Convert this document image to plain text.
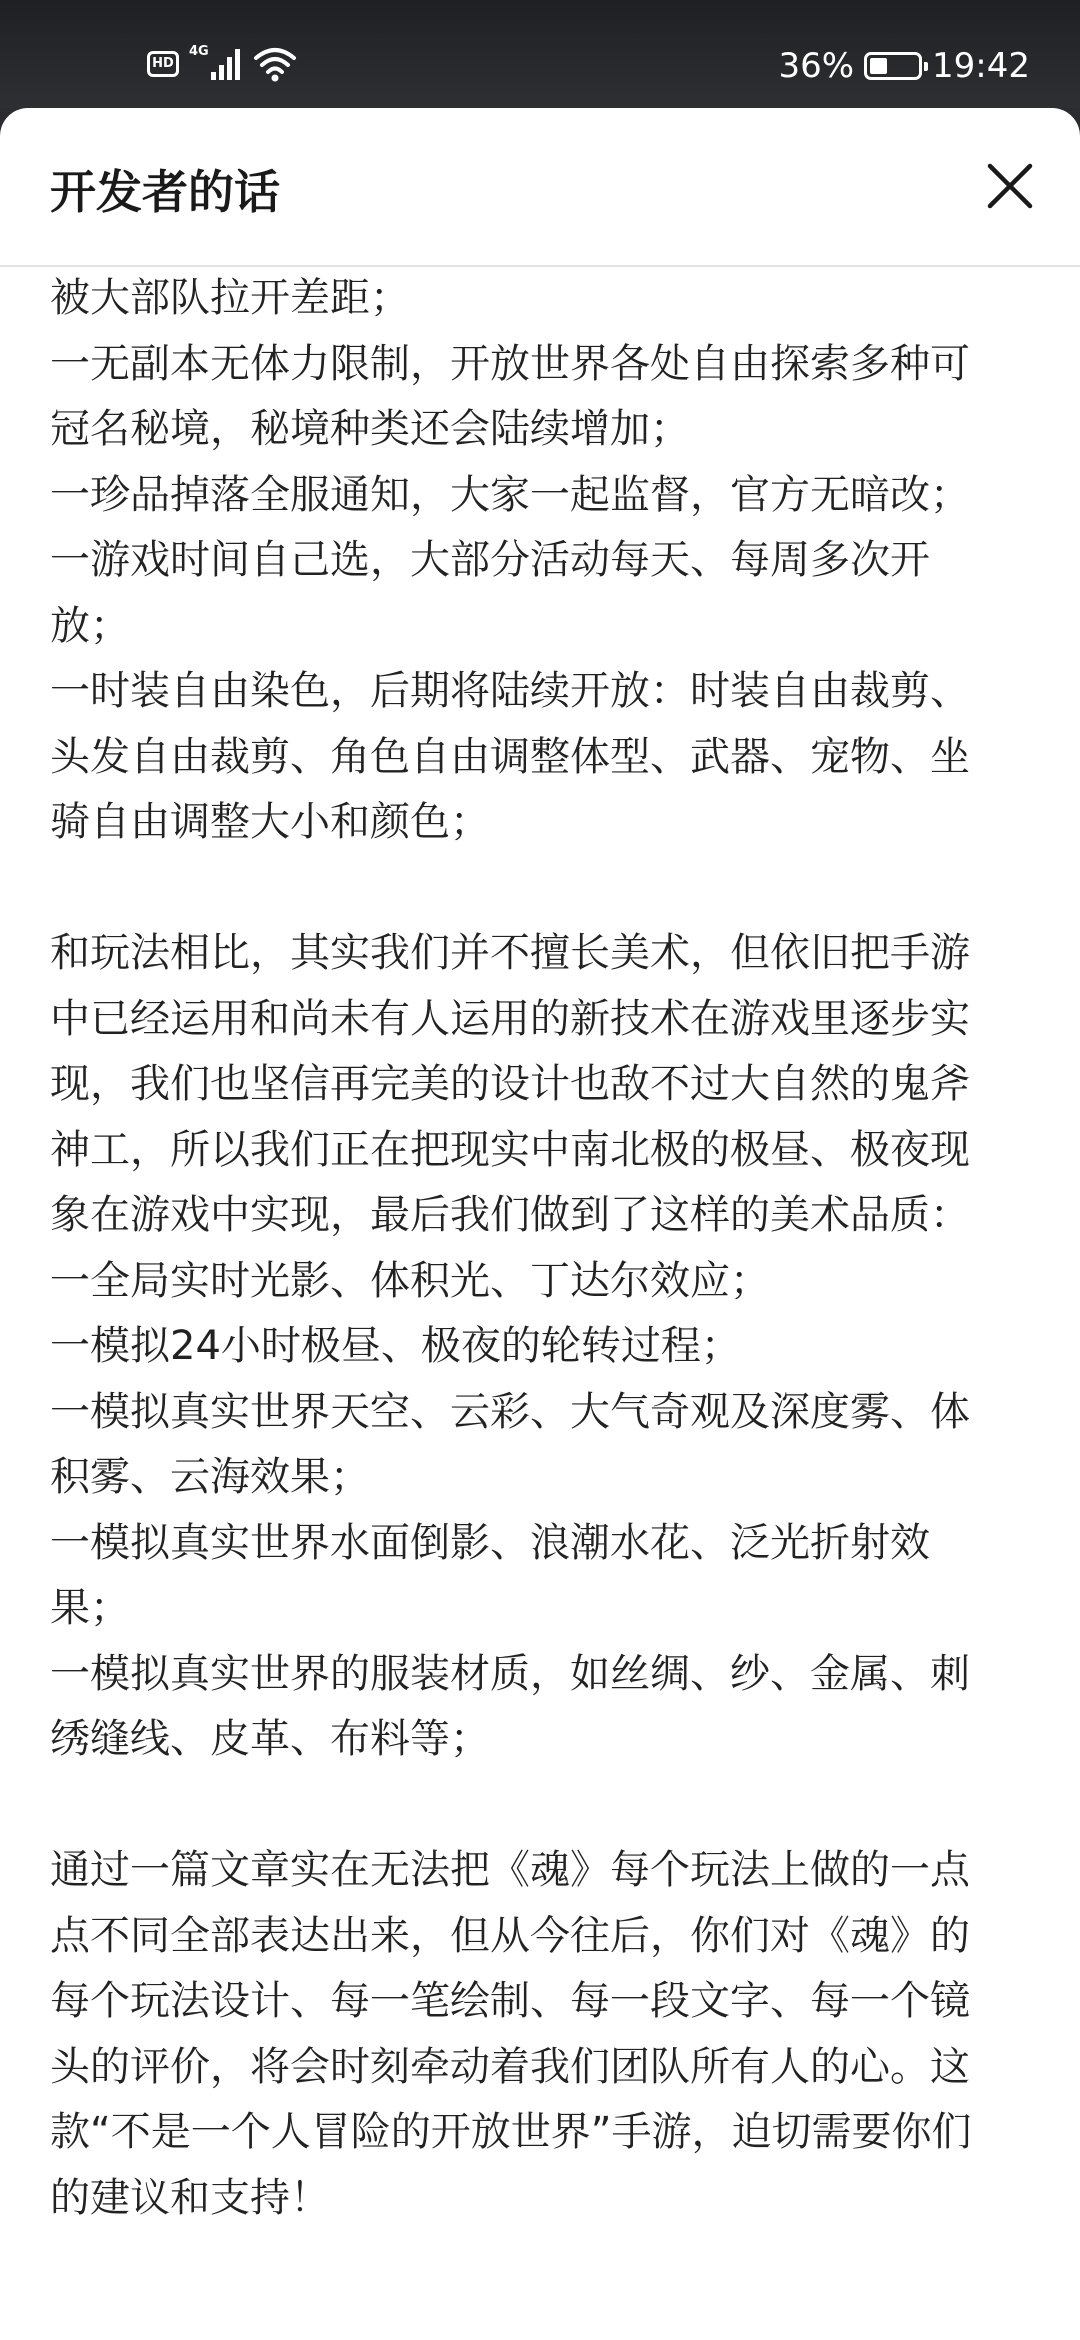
HD
4G	36% 19:42
开发者的话

被大部队拉开差距；

一无副本无体力限制，开放世界各处自由探索多种可

冠名秘境，秘境种类还会陆续增加；

一珍品掉落全服通知，大家一起监督，官方无暗改；

一游戏时间自己选，大部分活动每天、每周多次开

放；

一时装自由染色，后期将陆续开放：时装自由裁剪、

头发自由裁剪、角色自由调整体型、武器、宠物、坐

骑自由调整大小和颜色；

和玩法相比，其实我们并不擅长美术，但依旧把手游

中已经运用和尚未有人运用的新技术在游戏里逐步实

现，我们也坚信再完美的设计也敌不过大自然的鬼斧

神工，所以我们正在把现实中南北极的极昼、极夜现

象在游戏中实现，最后我们做到了这样的美术品质：

一全局实时光影、体积光、丁达尔效应；

一模拟24小时极昼、极夜的轮转过程；

一模拟真实世界天空、云彩、大气奇观及深度雾、体

积雾、云海效果；

一模拟真实世界水面倒影、浪潮水花、泛光折射效

果；

一模拟真实世界的服装材质，如丝绸、纱、金属、刺

绣缝线、皮革、布料等；

通过一篇文章实在无法把《魂》每个玩法上做的一点

点不同全部表达出来，但从今往后，你们对《魂》的

每个玩法设计、每一笔绘制、每一段文字、每一个镜

头的评价，将会时刻牵动着我们团队所有人的心。这

款“不是一个人冒险的开放世界”手游，迫切需要你们

的建议和支持！
